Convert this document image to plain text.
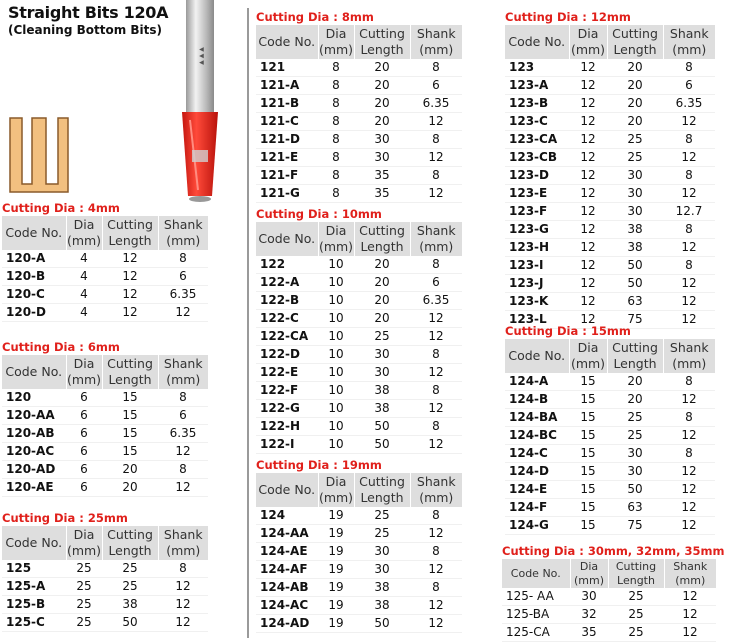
Straight Bits 120A
(Cleaning Bottom Bits)
▲ ▲ ▲
Cutting Dia : 4mm
Code No.	Dia (mm)	Cutting Length	Shank (mm)

120-A	4	12	8
120-B	4	12	6
120-C	4	12	6.35
120-D	4	12	12
Cutting Dia : 6mm
Code No.	Dia (mm)	Cutting Length	Shank (mm)

120	6	15	8
120-AA	6	15	6
120-AB	6	15	6.35
120-AC	6	15	12
120-AD	6	20	8
120-AE	6	20	12
Cutting Dia : 25mm
Code No.	Dia (mm)	Cutting Length	Shank (mm)

125	25	25	8
125-A	25	25	12
125-B	25	38	12
125-C	25	50	12
Cutting Dia : 8mm
Code No.	Dia (mm)	Cutting Length	Shank (mm)

121	8	20	8
121-A	8	20	6
121-B	8	20	6.35
121-C	8	20	12
121-D	8	30	8
121-E	8	30	12
121-F	8	35	8
121-G	8	35	12
Cutting Dia : 10mm
Code No.	Dia (mm)	Cutting Length	Shank (mm)

122	10	20	8
122-A	10	20	6
122-B	10	20	6.35
122-C	10	20	12
122-CA	10	25	12
122-D	10	30	8
122-E	10	30	12
122-F	10	38	8
122-G	10	38	12
122-H	10	50	8
122-I	10	50	12
Cutting Dia : 19mm
Code No.	Dia (mm)	Cutting Length	Shank (mm)

124	19	25	8
124-AA	19	25	12
124-AE	19	30	8
124-AF	19	30	12
124-AB	19	38	8
124-AC	19	38	12
124-AD	19	50	12
Cutting Dia : 12mm
Code No.	Dia (mm)	Cutting Length	Shank (mm)

123	12	20	8
123-A	12	20	6
123-B	12	20	6.35
123-C	12	20	12
123-CA	12	25	8
123-CB	12	25	12
123-D	12	30	8
123-E	12	30	12
123-F	12	30	12.7
123-G	12	38	8
123-H	12	38	12
123-I	12	50	8
123-J	12	50	12
123-K	12	63	12
123-L	12	75	12
Cutting Dia : 15mm
Code No.	Dia (mm)	Cutting Length	Shank (mm)

124-A	15	20	8
124-B	15	20	12
124-BA	15	25	8
124-BC	15	25	12
124-C	15	30	8
124-D	15	30	12
124-E	15	50	12
124-F	15	63	12
124-G	15	75	12
Cutting Dia : 30mm, 32mm, 35mm
Code No.	Dia (mm)	Cutting Length	Shank (mm)

125- AA	30	25	12
125-BA	32	25	12
125-CA	35	25	12
